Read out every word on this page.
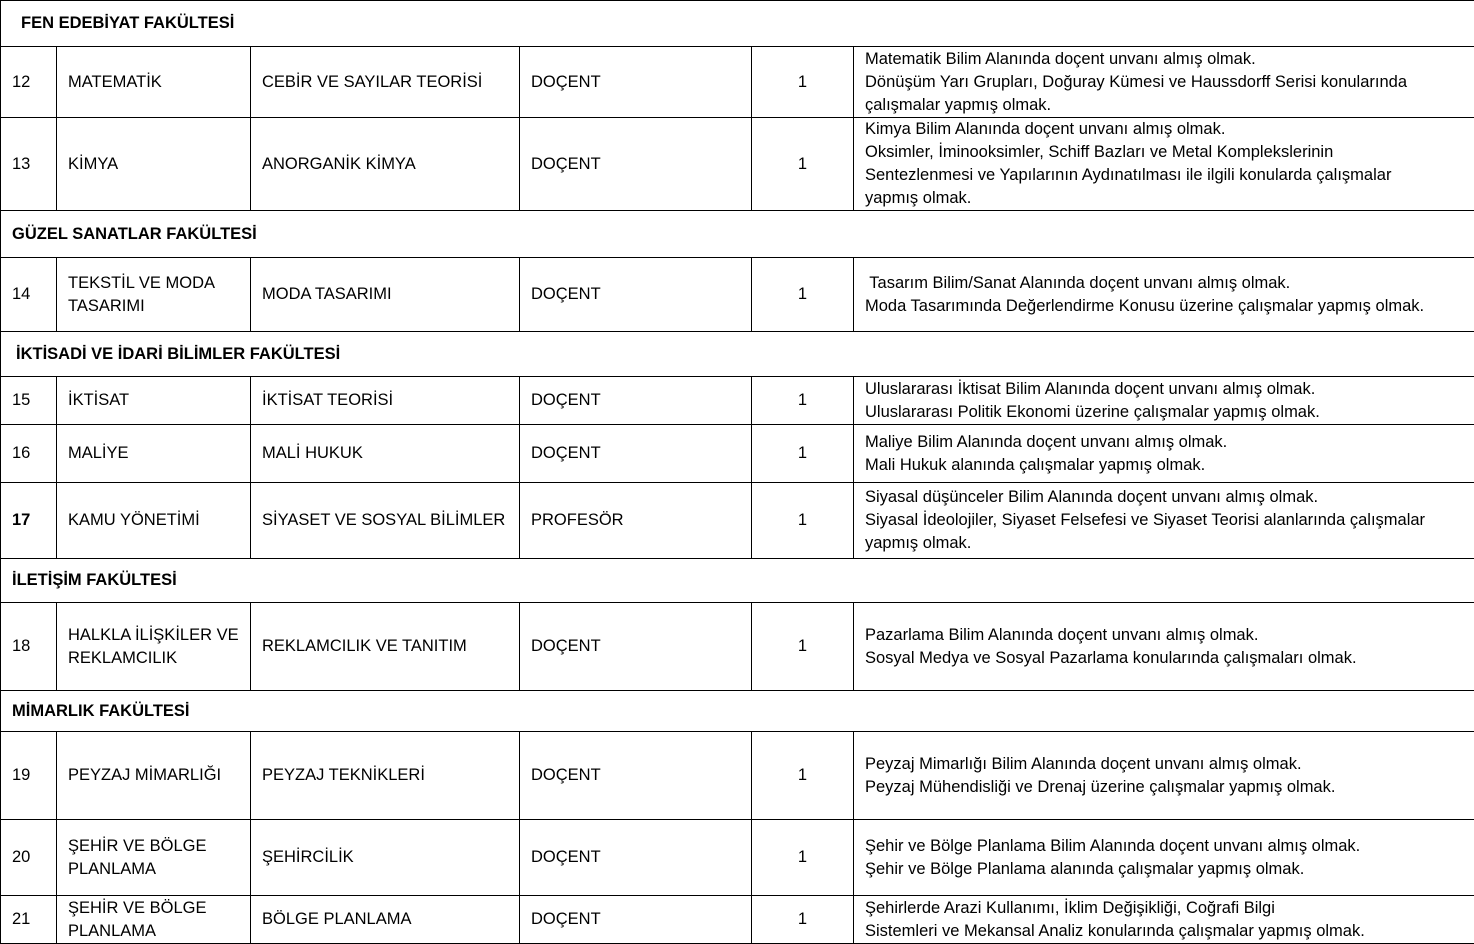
FEN EDEBİYAT FAKÜLTESİ					
12	MATEMATİK	CEBİR VE SAYILAR TEORİSİ	DOÇENT	1	Matematik Bilim Alanında doçent unvanı almış olmak.
Dönüşüm Yarı Grupları, Doğuray Kümesi ve Haussdorff Serisi konularında
çalışmalar yapmış olmak.

13	KİMYA	ANORGANİK KİMYA	DOÇENT	1	Kimya Bilim Alanında doçent unvanı almış olmak.
Oksimler, İminooksimler, Schiff Bazları ve Metal Komplekslerinin
Sentezlenmesi ve Yapılarının Aydınatılması ile ilgili konularda çalışmalar
yapmış olmak.

GÜZEL SANATLAR FAKÜLTESİ					
14	TEKSTİL VE MODA
TASARIMI	MODA TASARIMI	DOÇENT	1	Tasarım Bilim/Sanat Alanında doçent unvanı almış olmak.
Moda Tasarımında Değerlendirme Konusu üzerine çalışmalar yapmış olmak.

İKTİSADİ VE İDARİ BİLİMLER FAKÜLTESİ					
15	İKTİSAT	İKTİSAT TEORİSİ	DOÇENT	1	Uluslararası İktisat Bilim Alanında doçent unvanı almış olmak.
Uluslararası Politik Ekonomi üzerine çalışmalar yapmış olmak.

16	MALİYE	MALİ HUKUK	DOÇENT	1	Maliye Bilim Alanında doçent unvanı almış olmak.
Mali Hukuk alanında çalışmalar yapmış olmak.

17	KAMU YÖNETİMİ	SİYASET VE SOSYAL BİLİMLER	PROFESÖR	1	Siyasal düşünceler Bilim Alanında doçent unvanı almış olmak.
Siyasal İdeolojiler, Siyaset Felsefesi ve Siyaset Teorisi alanlarında çalışmalar
yapmış olmak.

İLETİŞİM FAKÜLTESİ					
18	HALKLA İLİŞKİLER VE
REKLAMCILIK	REKLAMCILIK VE TANITIM	DOÇENT	1	Pazarlama Bilim Alanında doçent unvanı almış olmak.
Sosyal Medya ve Sosyal Pazarlama konularında çalışmaları olmak.

MİMARLIK FAKÜLTESİ					
19	PEYZAJ MİMARLIĞI	PEYZAJ TEKNİKLERİ	DOÇENT	1	Peyzaj Mimarlığı Bilim Alanında doçent unvanı almış olmak.
Peyzaj Mühendisliği ve Drenaj üzerine çalışmalar yapmış olmak.

20	ŞEHİR VE BÖLGE
PLANLAMA	ŞEHİRCİLİK	DOÇENT	1	Şehir ve Bölge Planlama Bilim Alanında doçent unvanı almış olmak.
Şehir ve Bölge Planlama alanında çalışmalar yapmış olmak.

21	ŞEHİR VE BÖLGE
PLANLAMA	BÖLGE PLANLAMA	DOÇENT	1	Şehirlerde Arazi Kullanımı, İklim Değişikliği, Coğrafi Bilgi
Sistemleri ve Mekansal Analiz konularında çalışmalar yapmış olmak.
